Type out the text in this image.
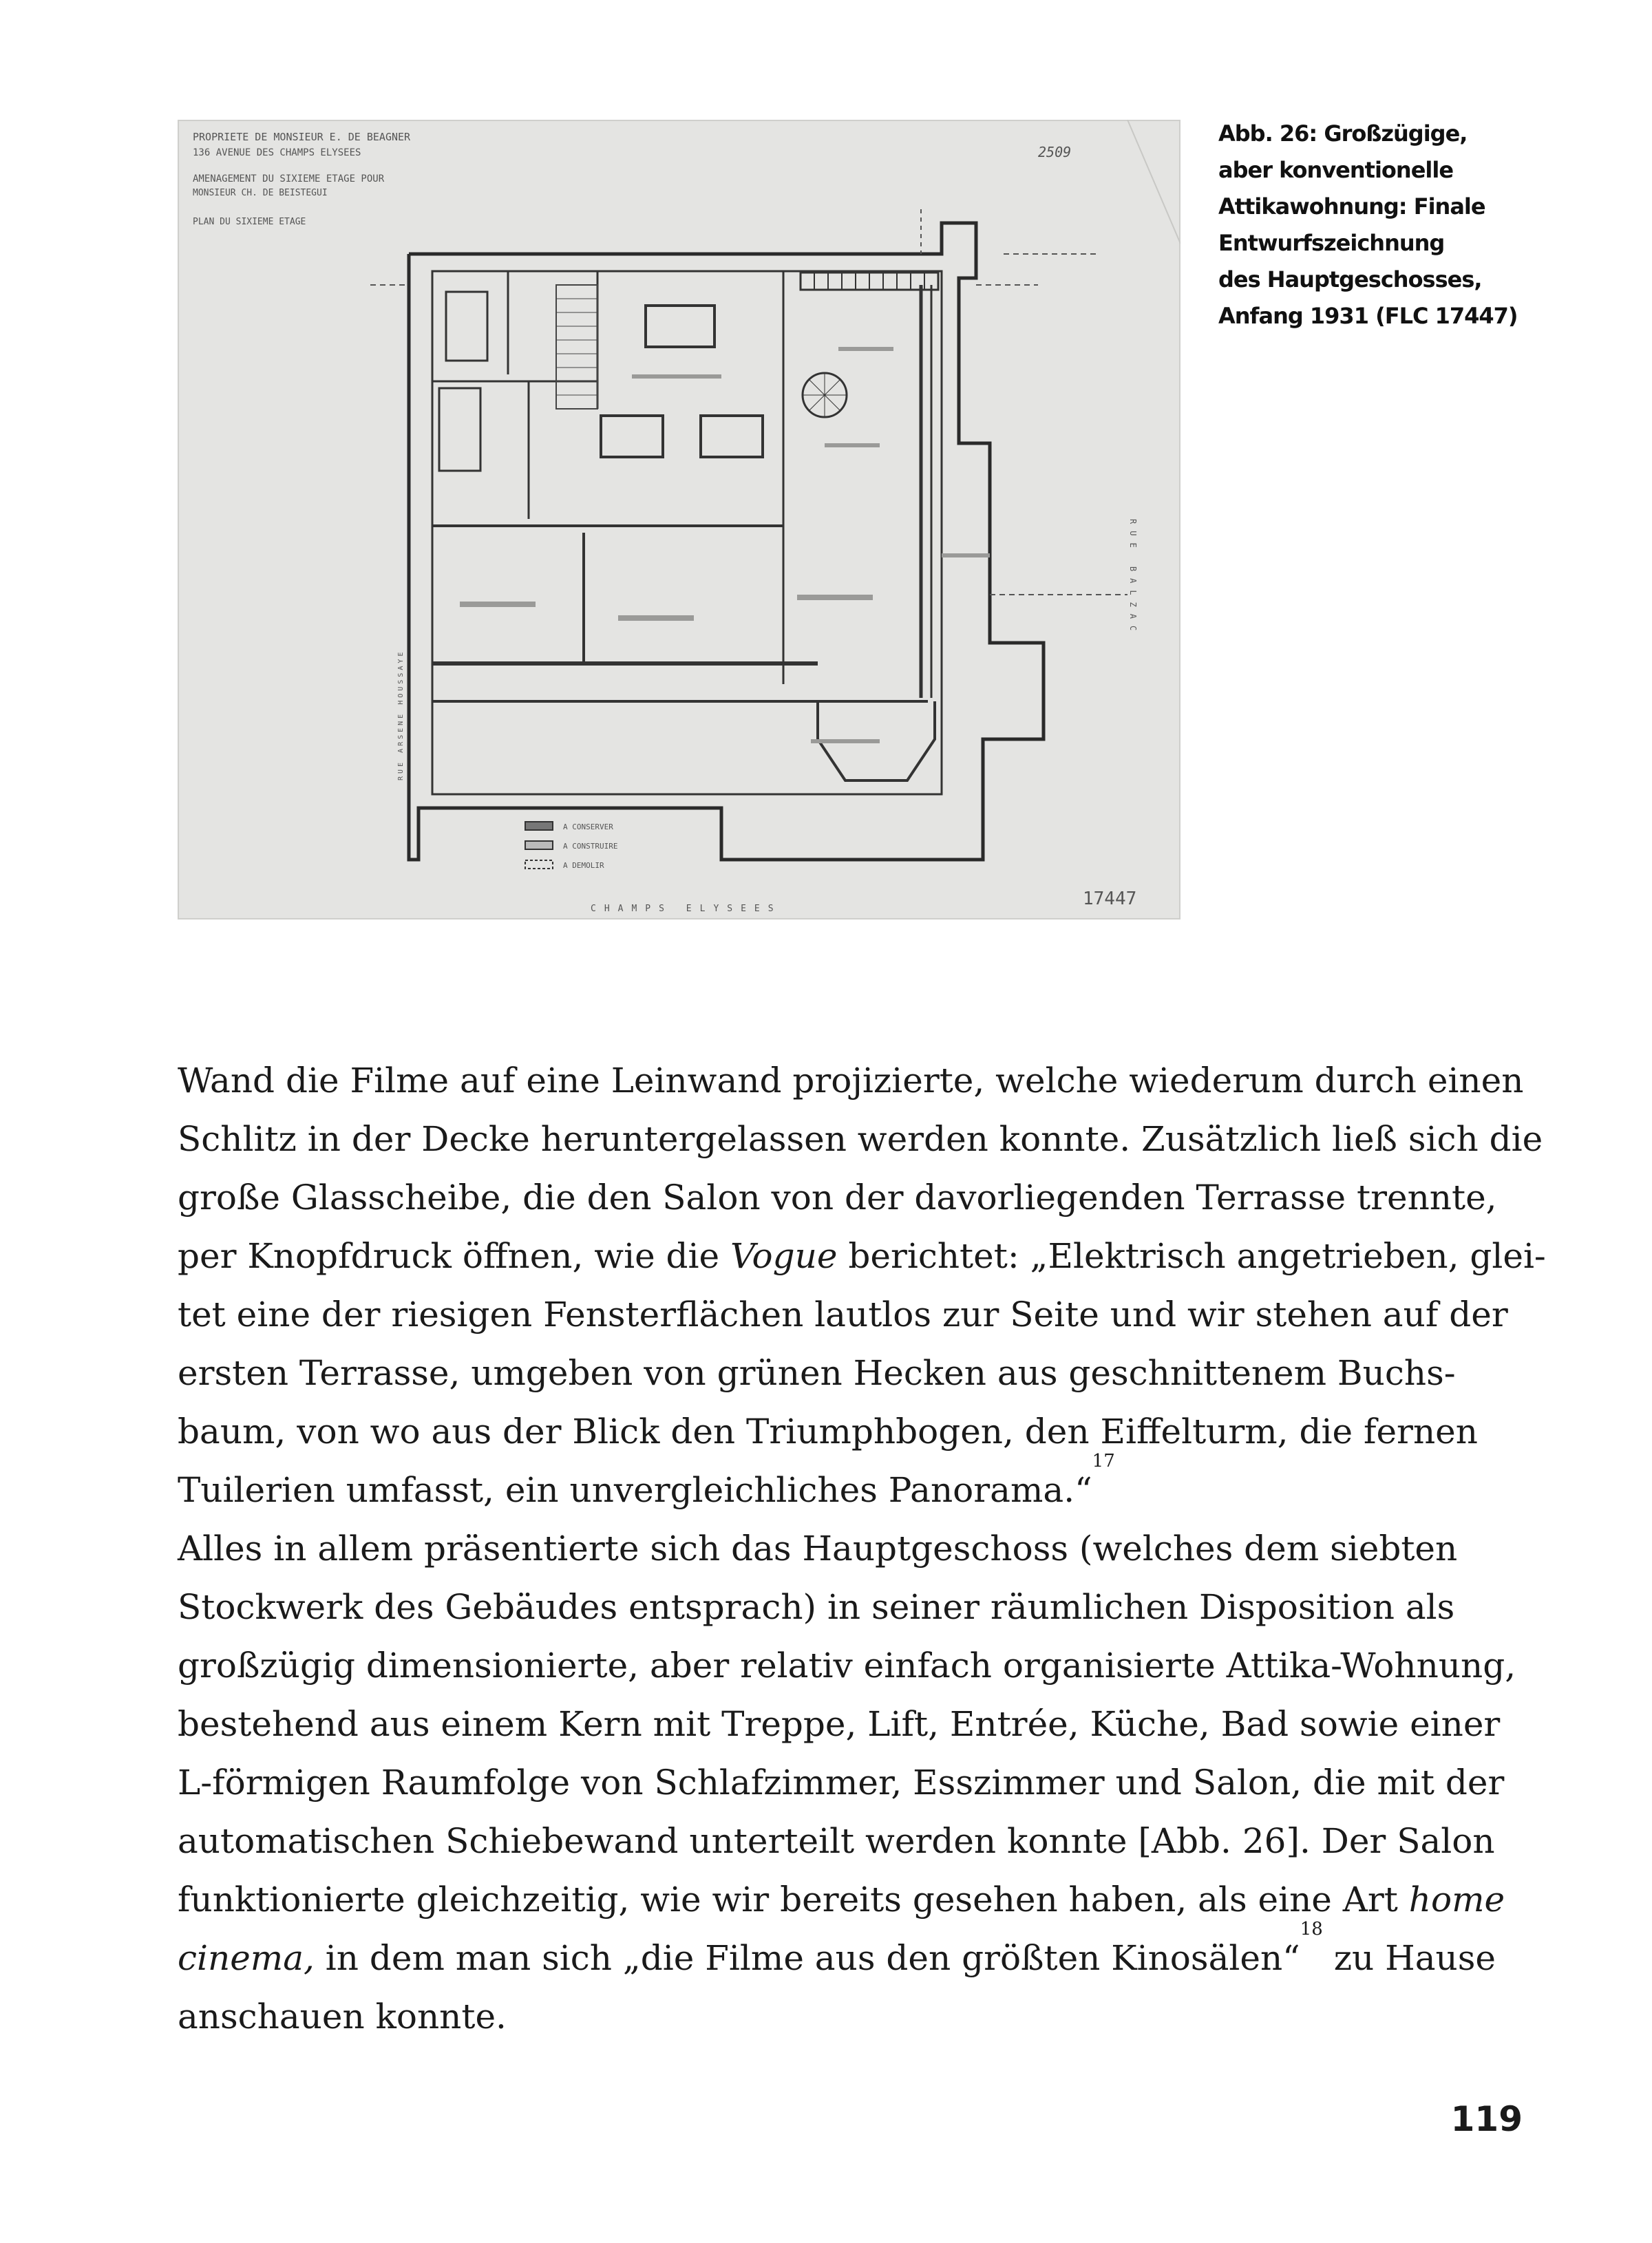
PROPRIETE DE MONSIEUR E. DE BEAGNER
136 AVENUE DES CHAMPS ELYSEES
AMENAGEMENT DU SIXIEME ETAGE POUR
MONSIEUR CH. DE BEISTEGUI
PLAN DU SIXIEME ETAGE
2509
A CONSERVER
A CONSTRUIRE
A DEMOLIR
CHAMPS ELYSEES
RUE BALZAC
RUE ARSENE HOUSSAYE
17447
Abb. 26: Großzügige,
aber konventionelle
Attikawohnung: Finale
Entwurfszeichnung
des Hauptgeschosses,
Anfang 1931 (FLC 17447)
Wand die Filme auf eine Leinwand projizierte, welche wiederum durch einen
Schlitz in der Decke heruntergelassen werden konnte. Zusätzlich ließ sich die
große Glasscheibe, die den Salon von der davorliegenden Terrasse trennte,
per Knopfdruck öffnen, wie die Vogue berichtet: „Elektrisch angetrieben, glei-
tet eine der riesigen Fensterflächen lautlos zur Seite und wir stehen auf der
ersten Terrasse, umgeben von grünen Hecken aus geschnittenem Buchs-
baum, von wo aus der Blick den Triumphbogen, den Eiffelturm, die fernen
Tuilerien umfasst, ein unvergleichliches Panorama.“
17
Alles in allem präsentierte sich das Hauptgeschoss (welches dem siebten
Stockwerk des Gebäudes entsprach) in seiner räumlichen Disposition als
großzügig dimensionierte, aber relativ einfach organisierte Attika-Wohnung,
bestehend aus einem Kern mit Treppe, Lift, Entrée, Küche, Bad sowie einer
L-förmigen Raumfolge von Schlafzimmer, Esszimmer und Salon, die mit der
automatischen Schiebewand unterteilt werden konnte [Abb. 26]. Der Salon
funktionierte gleichzeitig, wie wir bereits gesehen haben, als eine Art home
cinema, in dem man sich „die Filme aus den größten Kinosälen“
18
zu Hause
anschauen konnte.
119
